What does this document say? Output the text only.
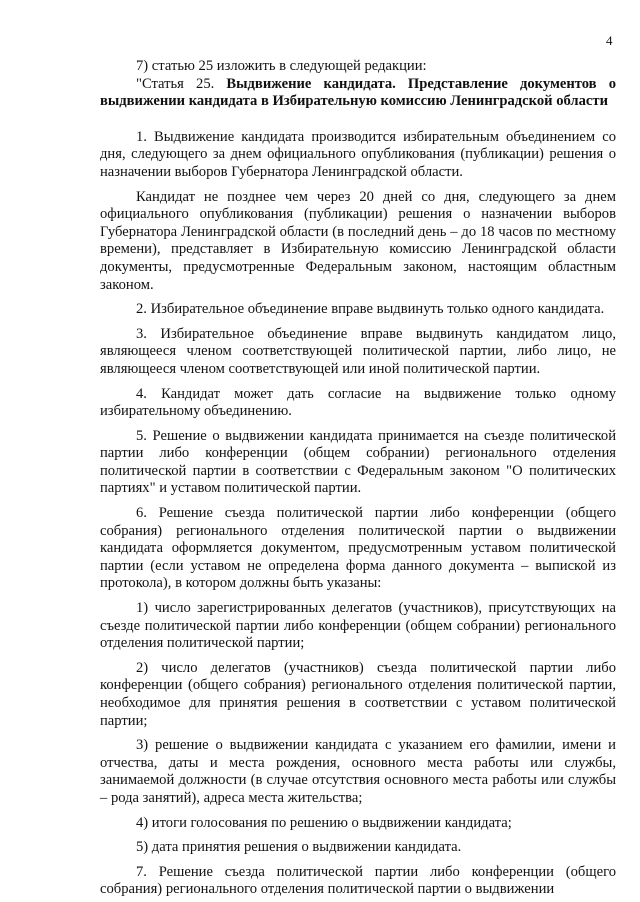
4

7) статью 25 изложить в следующей редакции:

"Статья 25. Выдвижение кандидата. Представление документов о выдвижении кандидата в Избирательную комиссию Ленинградской области

1. Выдвижение кандидата производится избирательным объединением со дня, следующего за днем официального опубликования (публикации) решения о назначении выборов Губернатора Ленинградской области.

Кандидат не позднее чем через 20 дней со дня, следующего за днем официального опубликования (публикации) решения о назначении выборов Губернатора Ленинградской области (в последний день – до 18 часов по местному времени), представляет в Избирательную комиссию Ленинградской области документы, предусмотренные Федеральным законом, настоящим областным законом.

2. Избирательное объединение вправе выдвинуть только одного кандидата.

3. Избирательное объединение вправе выдвинуть кандидатом лицо, являющееся членом соответствующей политической партии, либо лицо, не являющееся членом соответствующей или иной политической партии.

4. Кандидат может дать согласие на выдвижение только одному избирательному объединению.

5. Решение о выдвижении кандидата принимается на съезде политической партии либо конференции (общем собрании) регионального отделения политической партии в соответствии с Федеральным законом "О политических партиях" и уставом политической партии.

6. Решение съезда политической партии либо конференции (общего собрания) регионального отделения политической партии о выдвижении кандидата оформляется документом, предусмотренным уставом политической партии (если уставом не определена форма данного документа – выпиской из протокола), в котором должны быть указаны:

1) число зарегистрированных делегатов (участников), присутствующих на съезде политической партии либо конференции (общем собрании) регионального отделения политической партии;

2) число делегатов (участников) съезда политической партии либо конференции (общего собрания) регионального отделения политической партии, необходимое для принятия решения в соответствии с уставом политической партии;

3) решение о выдвижении кандидата с указанием его фамилии, имени и отчества, даты и места рождения, основного места работы или службы, занимаемой должности (в случае отсутствия основного места работы или службы – рода занятий), адреса места жительства;

4) итоги голосования по решению о выдвижении кандидата;

5) дата принятия решения о выдвижении кандидата.

7. Решение съезда политической партии либо конференции (общего собрания) регионального отделения политической партии о выдвижении
